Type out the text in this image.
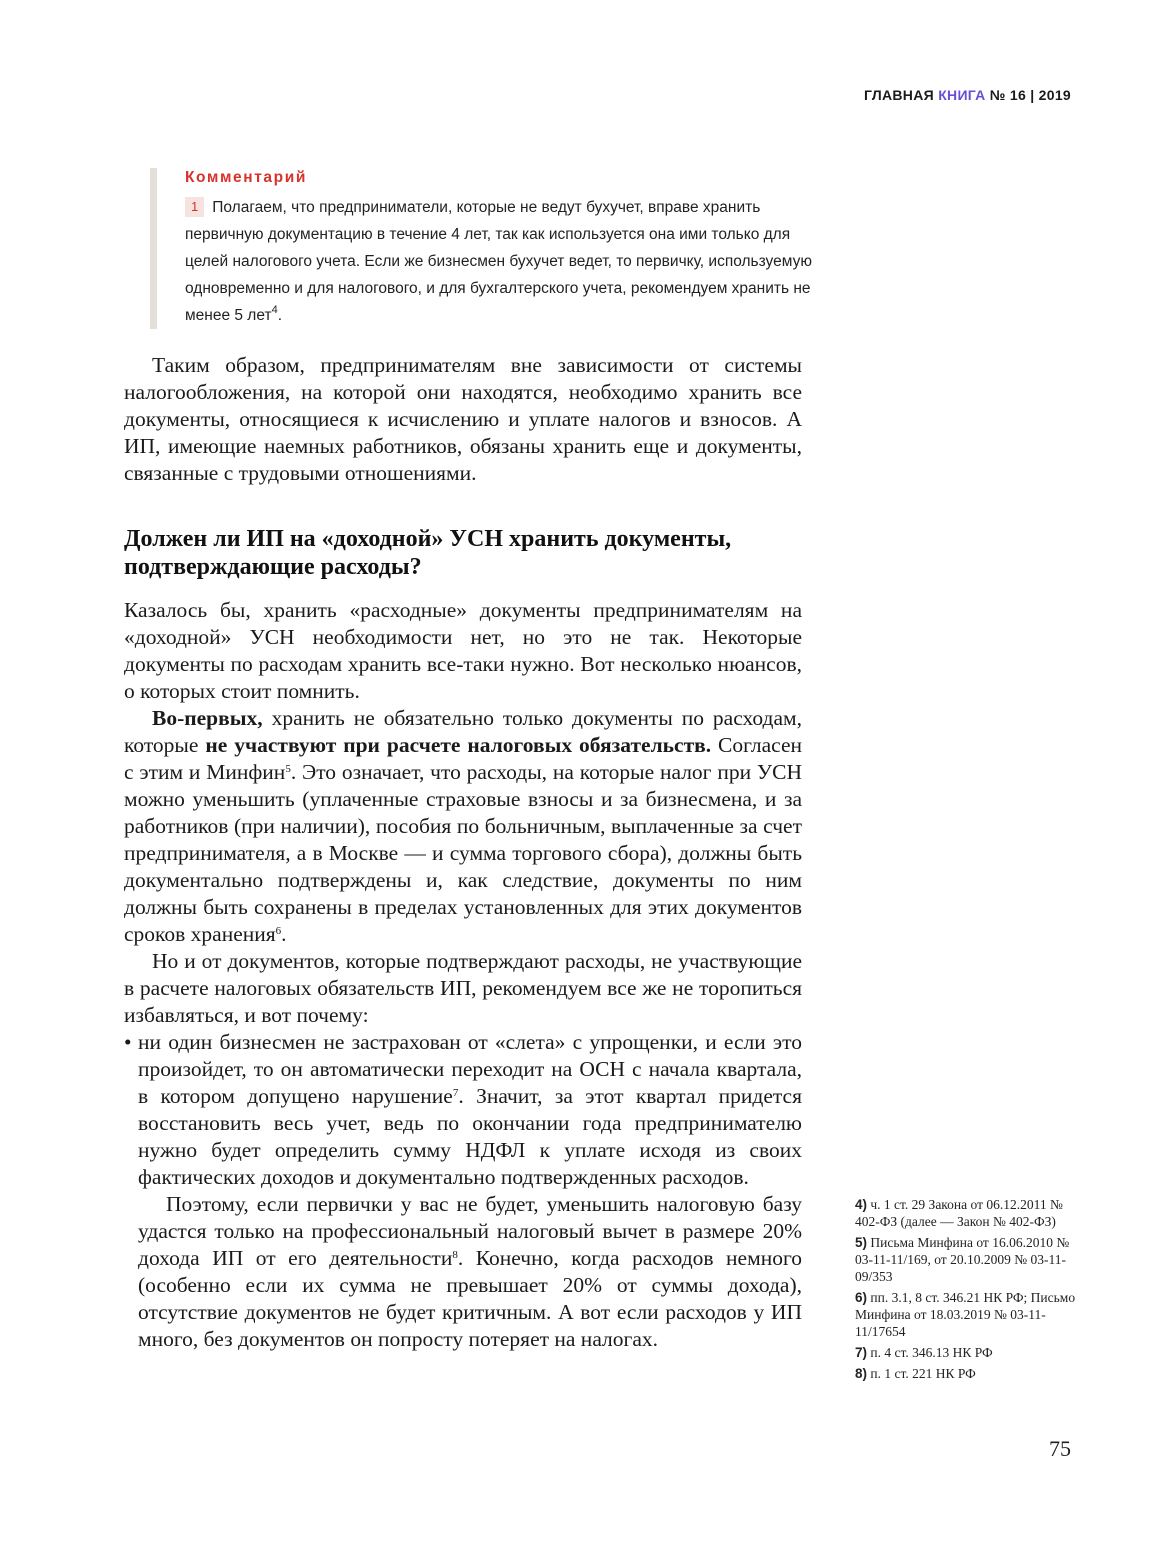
ГЛАВНАЯ КНИГА № 16 | 2019
Комментарий

1 Полагаем, что предприниматели, которые не ведут бухучет, вправе хранить первичную документацию в течение 4 лет, так как используется она ими только для целей налогового учета. Если же бизнесмен бухучет ведет, то первичку, используемую одновременно и для налогового, и для бухгалтерского учета, рекомендуем хранить не менее 5 лет$^4$.

Таким образом, предпринимателям вне зависимости от системы налогообложения, на которой они находятся, необходимо хранить все документы, относящиеся к исчислению и уплате налогов и взносов. А ИП, имеющие наемных работников, обязаны хранить еще и документы, связанные с трудовыми отношениями.

Должен ли ИП на «доходной» УСН хранить документы, подтверждающие расходы?

Казалось бы, хранить «расходные» документы предпринимателям на «доходной» УСН необходимости нет, но это не так. Некоторые документы по расходам хранить все-таки нужно. Вот несколько нюансов, о которых стоит помнить.

Во-первых, хранить не обязательно только документы по расходам, которые не участвуют при расчете налоговых обязательств. Согласен с этим и Минфин$^5$. Это означает, что расходы, на которые налог при УСН можно уменьшить (уплаченные страховые взносы и за бизнесмена, и за работников (при наличии), пособия по больничным, выплаченные за счет предпринимателя, а в Москве — и сумма торгового сбора), должны быть документально подтверждены и, как следствие, документы по ним должны быть сохранены в пределах установленных для этих документов сроков хранения$^6$.

Но и от документов, которые подтверждают расходы, не участвующие в расчете налоговых обязательств ИП, рекомендуем все же не торопиться избавляться, и вот почему:

• ни один бизнесмен не застрахован от «слета» с упрощенки, и если это произойдет, то он автоматически переходит на ОСН с начала квартала, в котором допущено нарушение$^7$. Значит, за этот квартал придется восстановить весь учет, ведь по окончании года предпринимателю нужно будет определить сумму НДФЛ к уплате исходя из своих фактических доходов и документально подтвержденных расходов.

Поэтому, если первички у вас не будет, уменьшить налоговую базу удастся только на профессиональный налоговый вычет в размере 20% дохода ИП от его деятельности$^8$. Конечно, когда расходов немного (особенно если их сумма не превышает 20% от суммы дохода), отсутствие документов не будет критичным. А вот если расходов у ИП много, без документов он попросту потеряет на налогах.

4) ч. 1 ст. 29 Закона от 06.12.2011 № 402-ФЗ (далее — Закон № 402-ФЗ)

5) Письма Минфина от 16.06.2010 № 03-11-11/169, от 20.10.2009 № 03-11-09/353

6) пп. 3.1, 8 ст. 346.21 НК РФ; Письмо Минфина от 18.03.2019 № 03-11-11/17654

7) п. 4 ст. 346.13 НК РФ

8) п. 1 ст. 221 НК РФ

75
